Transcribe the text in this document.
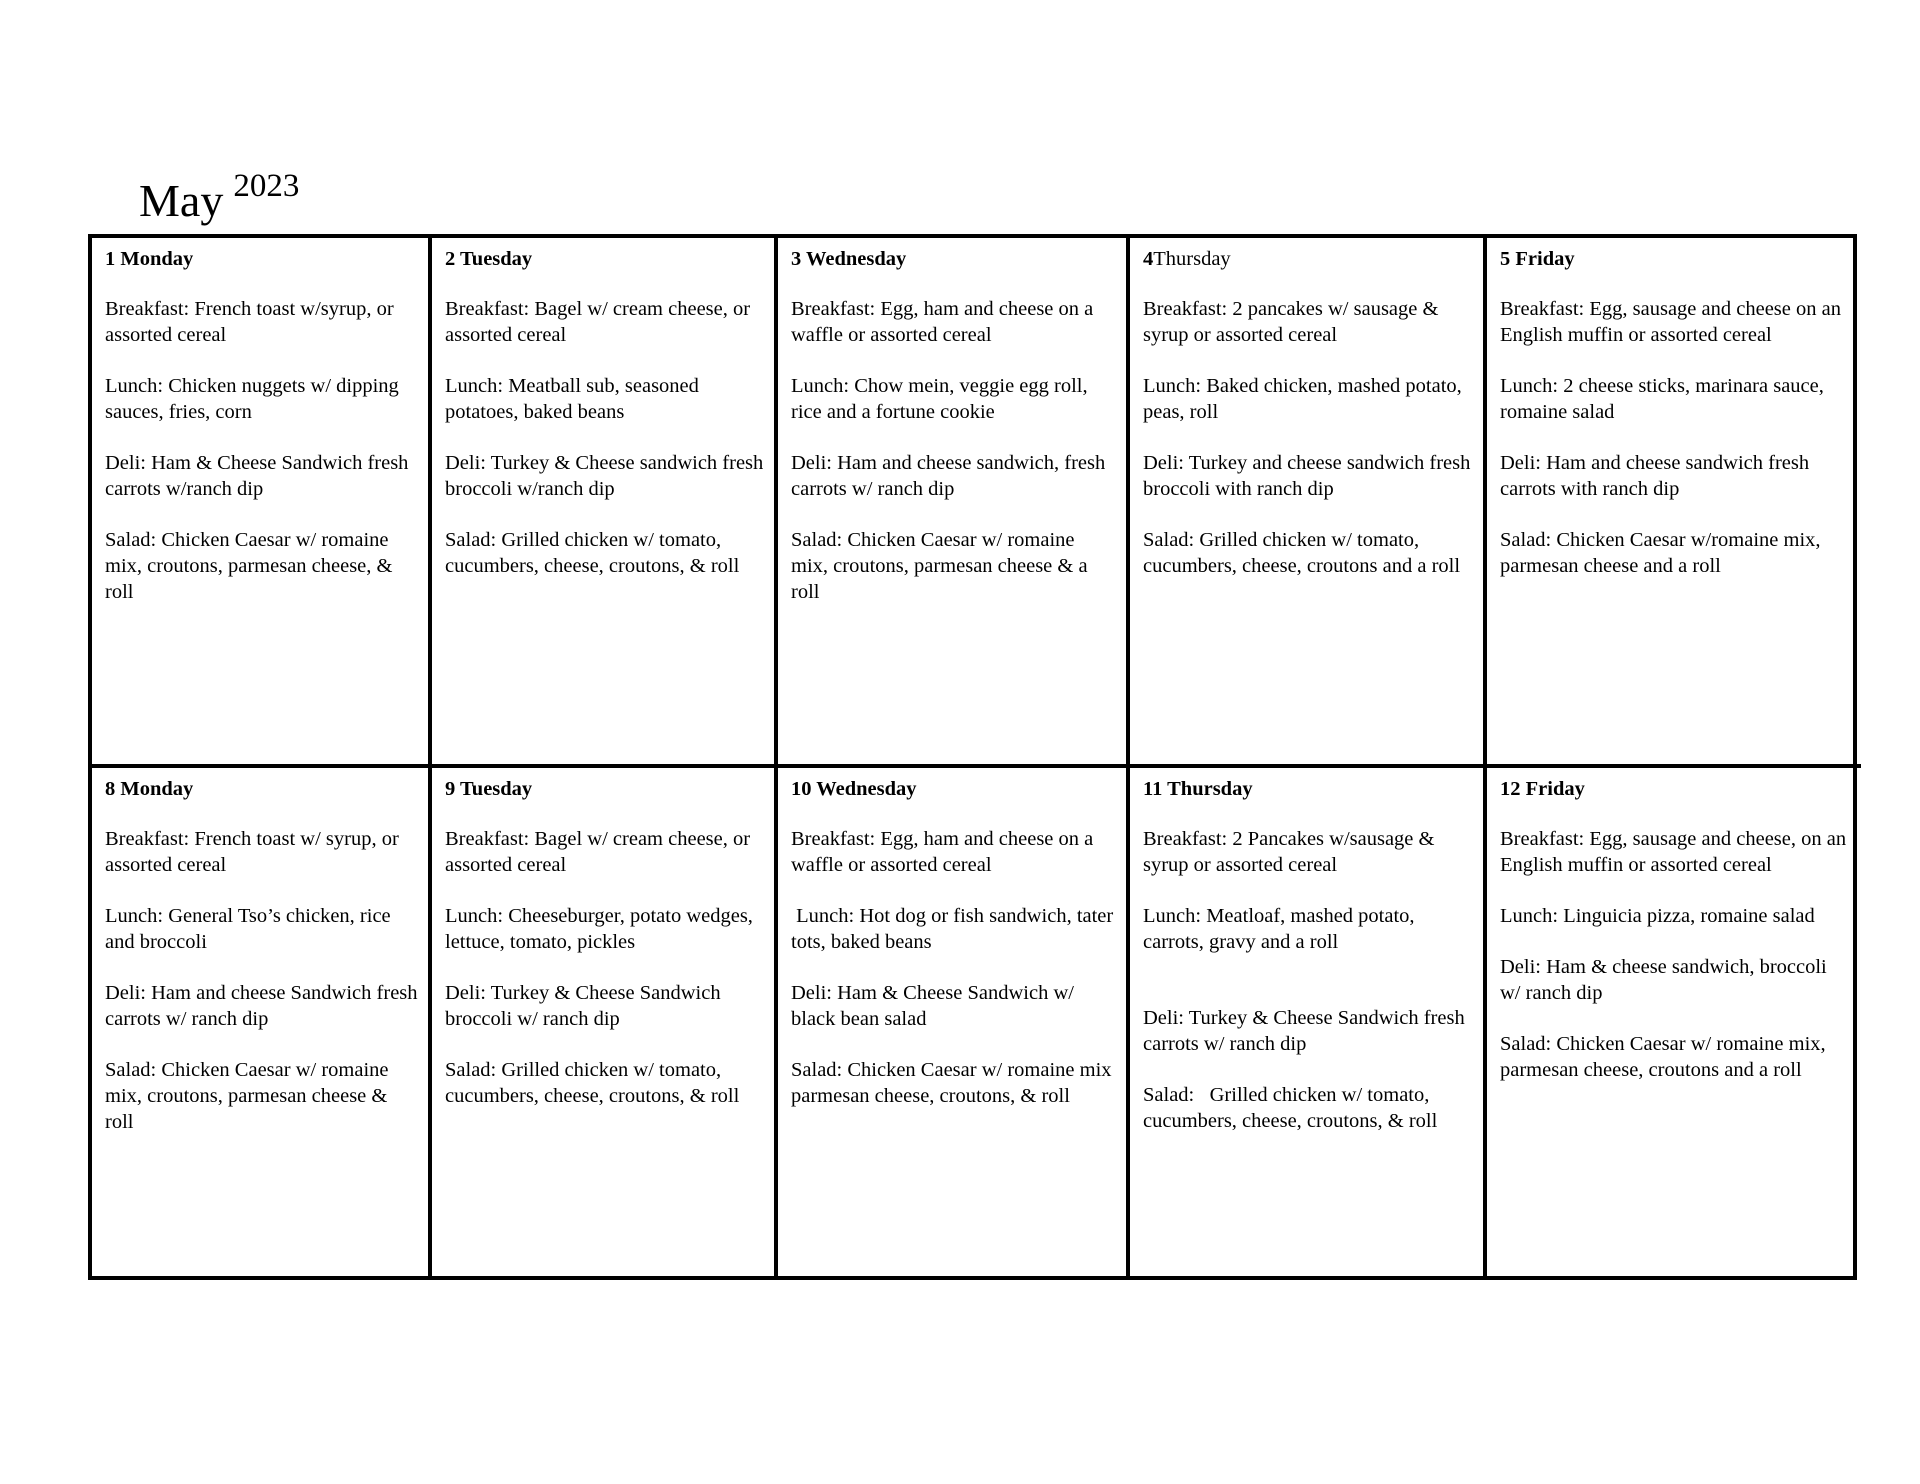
May 2023
1 Monday

Breakfast: French toast w/syrup, or assorted cereal

Lunch: Chicken nuggets w/ dipping sauces, fries, corn

Deli: Ham & Cheese Sandwich fresh carrots w/ranch dip

Salad: Chicken Caesar w/ romaine mix, croutons, parmesan cheese, & roll

2 Tuesday

Breakfast: Bagel w/ cream cheese, or assorted cereal

Lunch: Meatball sub, seasoned potatoes, baked beans

Deli: Turkey & Cheese sandwich fresh broccoli w/ranch dip

Salad: Grilled chicken w/ tomato, cucumbers, cheese, croutons, & roll

3 Wednesday

Breakfast: Egg, ham and cheese on a waffle or assorted cereal

Lunch: Chow mein, veggie egg roll, rice and a fortune cookie

Deli: Ham and cheese sandwich, fresh carrots w/ ranch dip

Salad: Chicken Caesar w/ romaine mix, croutons, parmesan cheese & a roll

4Thursday

Breakfast: 2 pancakes w/ sausage & syrup or assorted cereal

Lunch: Baked chicken, mashed potato, peas, roll

Deli: Turkey and cheese sandwich fresh broccoli with ranch dip

Salad: Grilled chicken w/ tomato, cucumbers, cheese, croutons and a roll

5 Friday

Breakfast: Egg, sausage and cheese on an English muffin or assorted cereal

Lunch: 2 cheese sticks, marinara sauce, romaine salad

Deli: Ham and cheese sandwich fresh carrots with ranch dip

Salad: Chicken Caesar w/romaine mix, parmesan cheese and a roll

8 Monday

Breakfast: French toast w/ syrup, or assorted cereal

Lunch: General Tso’s chicken, rice and broccoli

Deli: Ham and cheese Sandwich fresh carrots w/ ranch dip

Salad: Chicken Caesar w/ romaine mix, croutons, parmesan cheese & roll

9 Tuesday

Breakfast: Bagel w/ cream cheese, or assorted cereal

Lunch: Cheeseburger, potato wedges, lettuce, tomato, pickles

Deli: Turkey & Cheese Sandwich broccoli w/ ranch dip

Salad: Grilled chicken w/ tomato, cucumbers, cheese, croutons, & roll

10 Wednesday

Breakfast: Egg, ham and cheese on a waffle or assorted cereal

Lunch: Hot dog or fish sandwich, tater tots, baked beans

Deli: Ham & Cheese Sandwich w/ black bean salad

Salad: Chicken Caesar w/ romaine mix parmesan cheese, croutons, & roll

11 Thursday

Breakfast: 2 Pancakes w/sausage & syrup or assorted cereal

Lunch: Meatloaf, mashed potato, carrots, gravy and a roll

Deli: Turkey & Cheese Sandwich fresh carrots w/ ranch dip

Salad:   Grilled chicken w/ tomato, cucumbers, cheese, croutons, & roll

12 Friday

Breakfast: Egg, sausage and cheese, on an English muffin or assorted cereal

Lunch: Linguicia pizza, romaine salad

Deli: Ham & cheese sandwich, broccoli w/ ranch dip

Salad: Chicken Caesar w/ romaine mix, parmesan cheese, croutons and a roll
